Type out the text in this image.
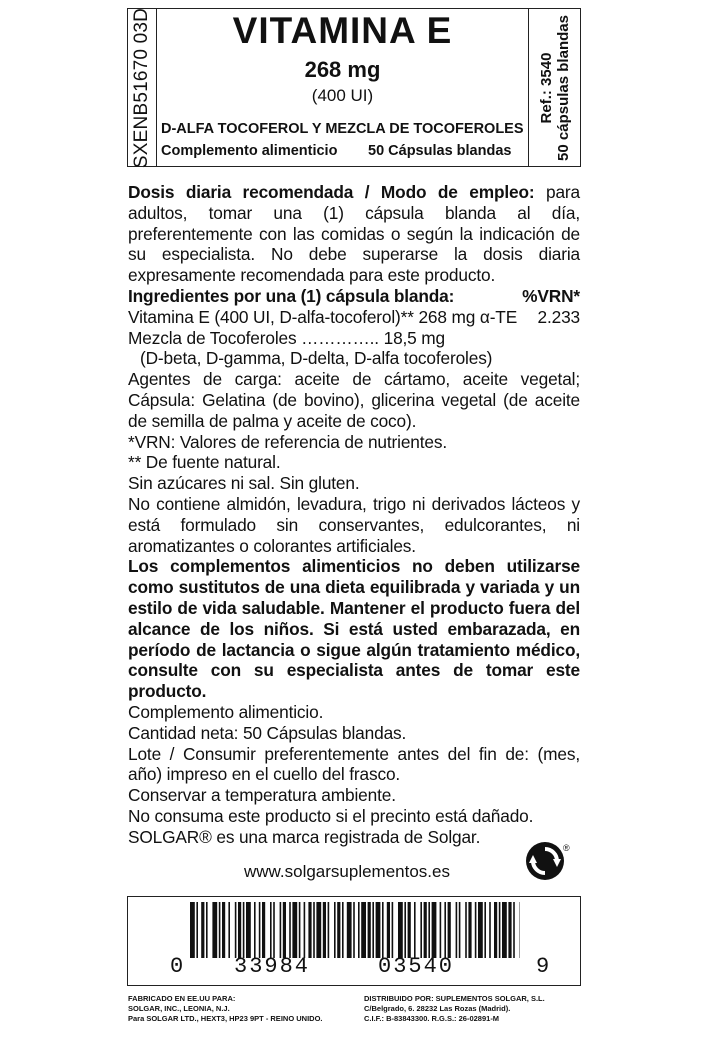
SXENB51670 03D	Ref.: 3540
50 cápsulas blandas
VITAMINA E
268 mg
(400 UI)
D-ALFA TOCOFEROL Y MEZCLA DE TOCOFEROLES
Complemento alimenticio 50 Cápsulas blandas

Dosis diaria recomendada / Modo de empleo: para adultos, tomar una (1) cápsula blanda al día, preferentemente con las comidas o según la indicación de su especialista. No debe superarse la dosis diaria expresamente recomendada para este producto.

Ingredientes por una (1) cápsula blanda:	%VRN*
Vitamina E (400 UI, D-alfa-tocoferol)** 268 mg α-TE 2.233
Mezcla de Tocoferoles ………….. 18,5 mg
(D-beta, D-gamma, D-delta, D-alfa tocoferoles)

Agentes de carga: aceite de cártamo, aceite vegetal; Cápsula: Gelatina (de bovino), glicerina vegetal (de aceite de semilla de palma y aceite de coco).

*VRN: Valores de referencia de nutrientes.
** De fuente natural.
Sin azúcares ni sal. Sin gluten.

No contiene almidón, levadura, trigo ni derivados lácteos y está formulado sin conservantes, edulcorantes, ni aromatizantes o colorantes artificiales.

Los complementos alimenticios no deben utilizarse como sustitutos de una dieta equilibrada y variada y un estilo de vida saludable. Mantener el producto fuera del alcance de los niños. Si está usted embarazada, en período de lactancia o sigue algún tratamiento médico, consulte con su especialista antes de tomar este producto.

Complemento alimenticio.
Cantidad neta: 50 Cápsulas blandas.

Lote / Consumir preferentemente antes del fin de: (mes, año) impreso en el cuello del frasco.

Conservar a temperatura ambiente.
No consuma este producto si el precinto está dañado.
SOLGAR® es una marca registrada de Solgar.
®
www.solgarsuplementos.es
0 33984	03540	9
FABRICADO EN EE.UU PARA:
SOLGAR, INC., LEONIA, N.J.
Para SOLGAR LTD., HEXT3, HP23 9PT - REINO UNIDO.
DISTRIBUIDO POR: SUPLEMENTOS SOLGAR, S.L.
C/Belgrado, 6. 28232 Las Rozas (Madrid).
C.I.F.: B-83843300. R.G.S.: 26-02891-M
